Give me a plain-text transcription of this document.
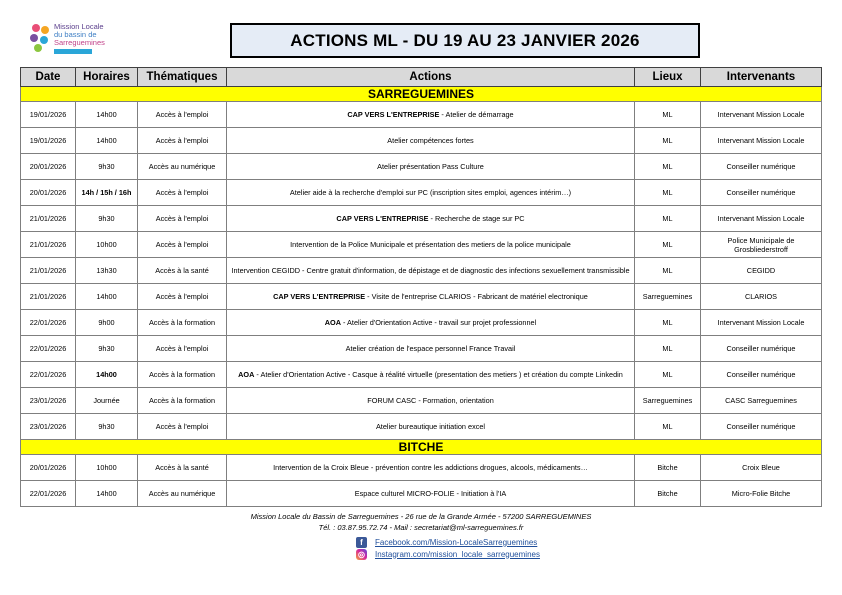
Mission Locale
du bassin de
Sarreguemines	ACTIONS ML - DU 19 AU 23 JANVIER 2026
Date	Horaires	Thématiques	Actions	Lieux	Intervenants
SARREGUEMINES					
19/01/2026	14h00	Accès à l'emploi	CAP VERS L'ENTREPRISE - Atelier de démarrage	ML	Intervenant Mission Locale
19/01/2026	14h00	Accès à l'emploi	Atelier compétences fortes	ML	Intervenant Mission Locale
20/01/2026	9h30	Accès au numérique	Atelier présentation Pass Culture	ML	Conseiller numérique
20/01/2026	14h / 15h / 16h	Accès à l'emploi	Atelier aide à la recherche d'emploi sur PC (inscription sites emploi, agences intérim…)	ML	Conseiller numérique
21/01/2026	9h30	Accès à l'emploi	CAP VERS L'ENTREPRISE - Recherche de stage sur PC	ML	Intervenant Mission Locale
21/01/2026	10h00	Accès à l'emploi	Intervention de la Police Municipale et présentation des metiers de la police municipale	ML	Police Municipale de Grosbliederstroff
21/01/2026	13h30	Accès à la santé	Intervention CEGIDD - Centre gratuit d'information, de dépistage et de diagnostic des infections sexuellement transmissible	ML	CEGIDD
21/01/2026	14h00	Accès à l'emploi	CAP VERS L'ENTREPRISE - Visite de l'entreprise CLARIOS - Fabricant de matériel electronique	Sarreguemines	CLARIOS
22/01/2026	9h00	Accès à la formation	AOA - Atelier d'Orientation Active - travail sur projet professionnel	ML	Intervenant Mission Locale
22/01/2026	9h30	Accès à l'emploi	Atelier création de l'espace personnel France Travail	ML	Conseiller numérique
22/01/2026	14h00	Accès à la formation	AOA - Atelier d'Orientation Active - Casque à réalité virtuelle (presentation des metiers ) et création du compte Linkedin	ML	Conseiller numérique
23/01/2026	Journée	Accès à la formation	FORUM CASC - Formation, orientation	Sarreguemines	CASC Sarreguemines
23/01/2026	9h30	Accès à l'emploi	Atelier bureautique initiation excel	ML	Conseiller numérique
BITCHE					
20/01/2026	10h00	Accès à la santé	Intervention de la Croix Bleue - prévention contre les addictions drogues, alcools, médicaments…	Bitche	Croix Bleue
22/01/2026	14h00	Accès au numérique	Espace culturel MICRO-FOLIE - Initiation à l'IA	Bitche	Micro-Folie Bitche
Mission Locale du Bassin de Sarreguemines - 26 rue de la Grande Armée - 57200 SARREGUEMINES
Tél. : 03.87.95.72.74 - Mail : secretariat@ml-sarreguemines.fr
f	Facebook.com/Mission-LocaleSarreguemines
◎ Instagram.com/mission_locale_sarreguemines
